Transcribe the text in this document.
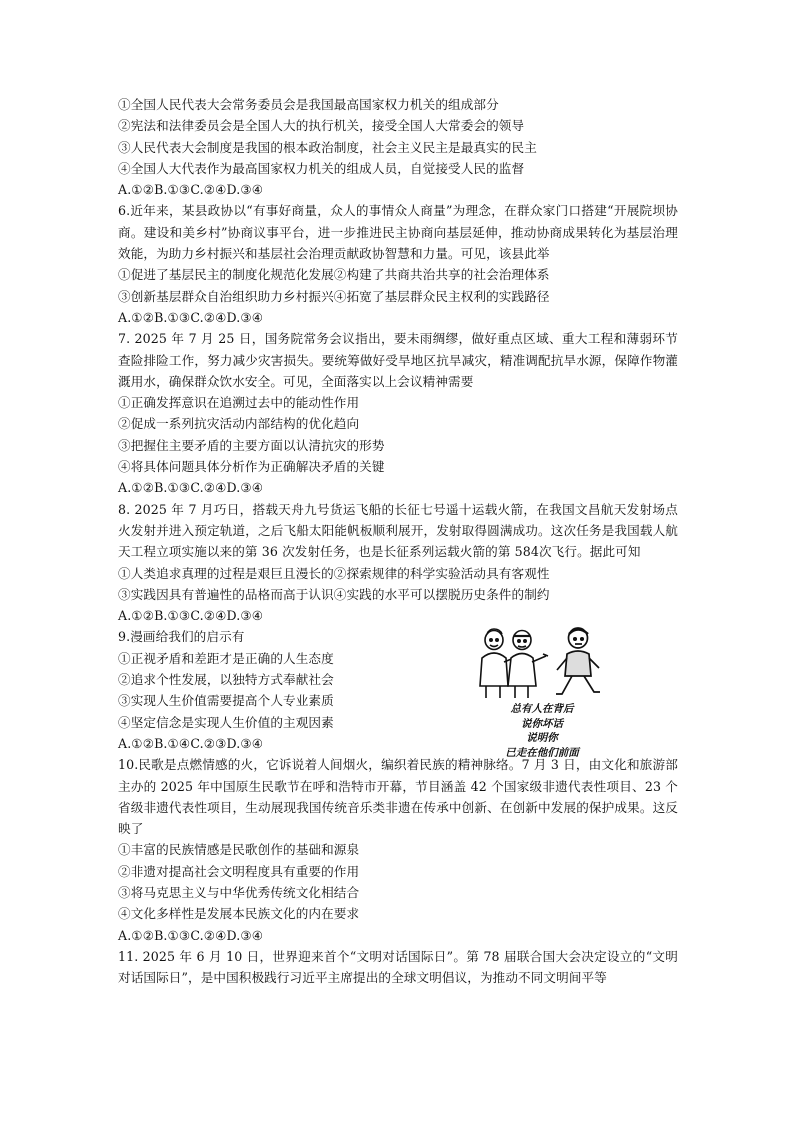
①全国人民代表大会常务委员会是我国最高国家权力机关的组成部分
②宪法和法律委员会是全国人大的执行机关，接受全国人大常委会的领导
③人民代表大会制度是我国的根本政治制度，社会主义民主是最真实的民主
④全国人大代表作为最高国家权力机关的组成人员，自觉接受人民的监督
A.①②B.①③C.②④D.③④
6.近年来，某县政协以“有事好商量，众人的事情众人商量”为理念，在群众家门口搭建“开展院坝协商。建设和美乡村”协商议事平台，进一步推进民主协商向基层延伸，推动协商成果转化为基层治理效能，为助力乡村振兴和基层社会治理贡献政协智慧和力量。可见，该县此举
①促进了基层民主的制度化规范化发展②构建了共商共治共享的社会治理体系
③创新基层群众自治组织助力乡村振兴④拓宽了基层群众民主权利的实践路径
A.①②B.①③C.②④D.③④
7. 2025 年 7 月 25 日，国务院常务会议指出，要未雨绸缪，做好重点区域、重大工程和薄弱环节查险排险工作，努力减少灾害损失。要统筹做好受旱地区抗旱减灾，精准调配抗旱水源，保障作物灌溉用水，确保群众饮水安全。可见，全面落实以上会议精神需要
①正确发挥意识在追溯过去中的能动性作用
②促成一系列抗灾活动内部结构的优化趋向
③把握住主要矛盾的主要方面以认清抗灾的形势
④将具体问题具体分析作为正确解决矛盾的关键
A.①②B.①③C.②④D.③④
8. 2025 年 7 月巧日，搭载天舟九号货运飞船的长征七号遥十运载火箭，在我国文昌航天发射场点火发射并进入预定轨道，之后飞船太阳能帆板顺利展开，发射取得圆满成功。这次任务是我国载人航天工程立项实施以来的第 36 次发射任务，也是长征系列运载火箭的第 584次飞行。据此可知
①人类追求真理的过程是艰巨且漫长的②探索规律的科学实验活动具有客观性
③实践因具有普遍性的品格而高于认识④实践的水平可以摆脱历史条件的制约
A.①②B.①③C.②④D.③④
9.漫画给我们的启示有
①正视矛盾和差距才是正确的人生态度
②追求个性发展，以独特方式奉献社会
③实现人生价值需要提高个人专业素质
④坚定信念是实现人生价值的主观因素
A.①②B.①④C.②③D.③④
总有人在背后
说你坏话
说明你
已走在他们前面
10.民歌是点燃情感的火，它诉说着人间烟火，编织着民族的精神脉络。7 月 3 日，由文化和旅游部主办的 2025 年中国原生民歌节在呼和浩特市开幕，节目涵盖 42 个国家级非遗代表性项目、23 个省级非遗代表性项目，生动展现我国传统音乐类非遗在传承中创新、在创新中发展的保护成果。这反映了
①丰富的民族情感是民歌创作的基础和源泉
②非遗对提高社会文明程度具有重要的作用
③将马克思主义与中华优秀传统文化相结合
④文化多样性是发展本民族文化的内在要求
A.①②B.①③C.②④D.③④
11. 2025 年 6 月 10 日，世界迎来首个“文明对话国际日”。第 78 届联合国大会决定设立的“文明对话国际日”，是中国积极践行习近平主席提出的全球文明倡议，为推动不同文明间平等
